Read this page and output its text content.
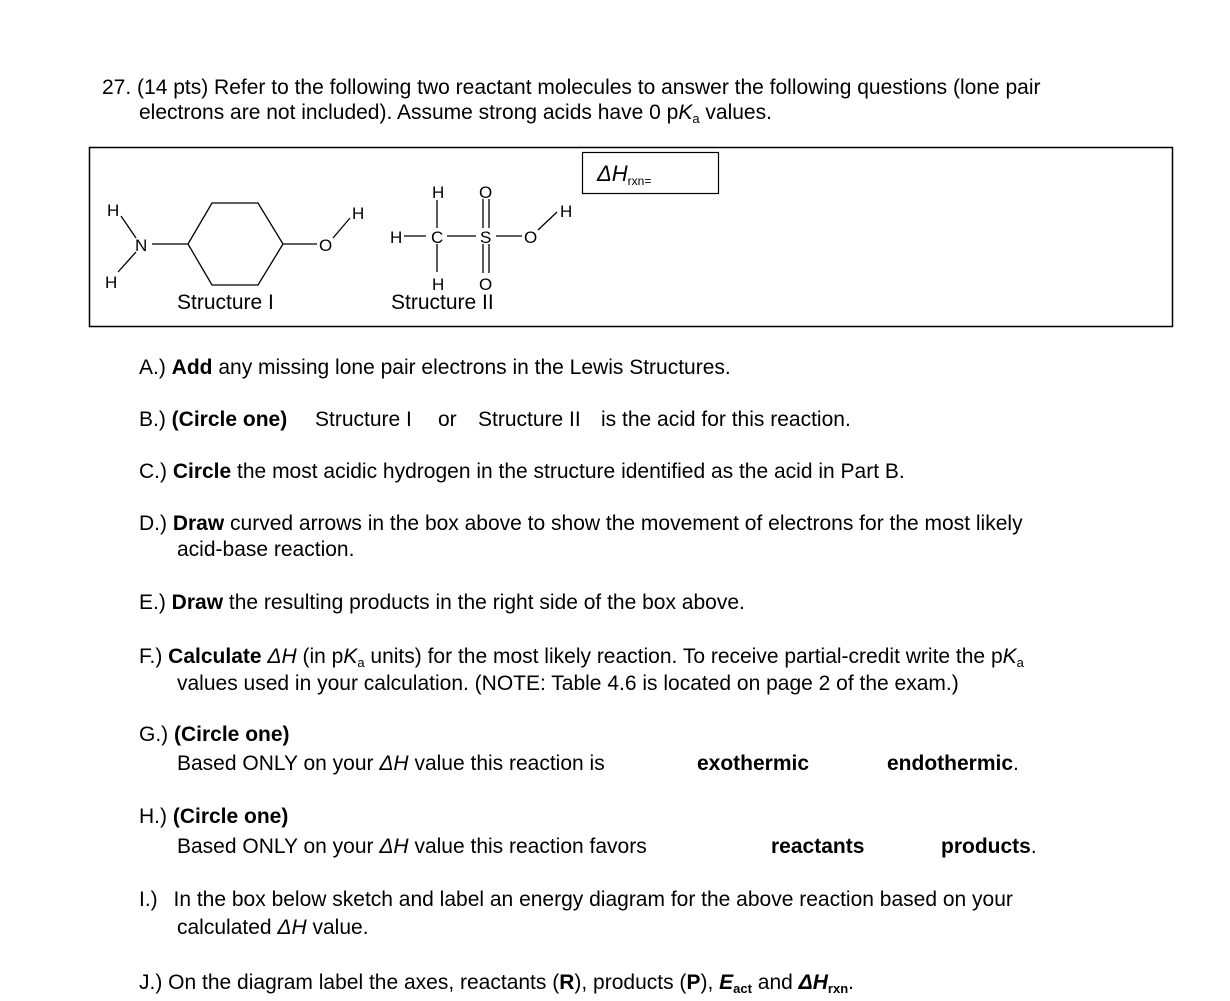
27. (14 pts) Refer to the following two reactant molecules to answer the following questions (lone pair
electrons are not included). Assume strong acids have 0 $pK_a$ values.
$\Delta H_{rxn=}$
H
N
H
O
H
Structure I
H O
H C S O
H
H O
Structure II
A.) Add any missing lone pair electrons in the Lewis Structures.
B.) (Circle one) Structure I or Structure II is the acid for this reaction.
C.) Circle the most acidic hydrogen in the structure identified as the acid in Part B.
D.) Draw curved arrows in the box above to show the movement of electrons for the most likely
acid-base reaction.
E.) Draw the resulting products in the right side of the box above.
F.) Calculate ΔH (in $pK_a$ units) for the most likely reaction. To receive partial-credit write the $pK_a$
values used in your calculation. (NOTE: Table 4.6 is located on page 2 of the exam.)
G.) (Circle one)
Based ONLY on your ΔH value this reaction is	exothermic	endothermic.
H.) (Circle one)
Based ONLY on your ΔH value this reaction favors	reactants	products.
I.) In the box below sketch and label an energy diagram for the above reaction based on your
calculated ΔH value.
J.) On the diagram label the axes, reactants (R), products (P), $E_{act}$ and $\Delta H_{rxn}$.
